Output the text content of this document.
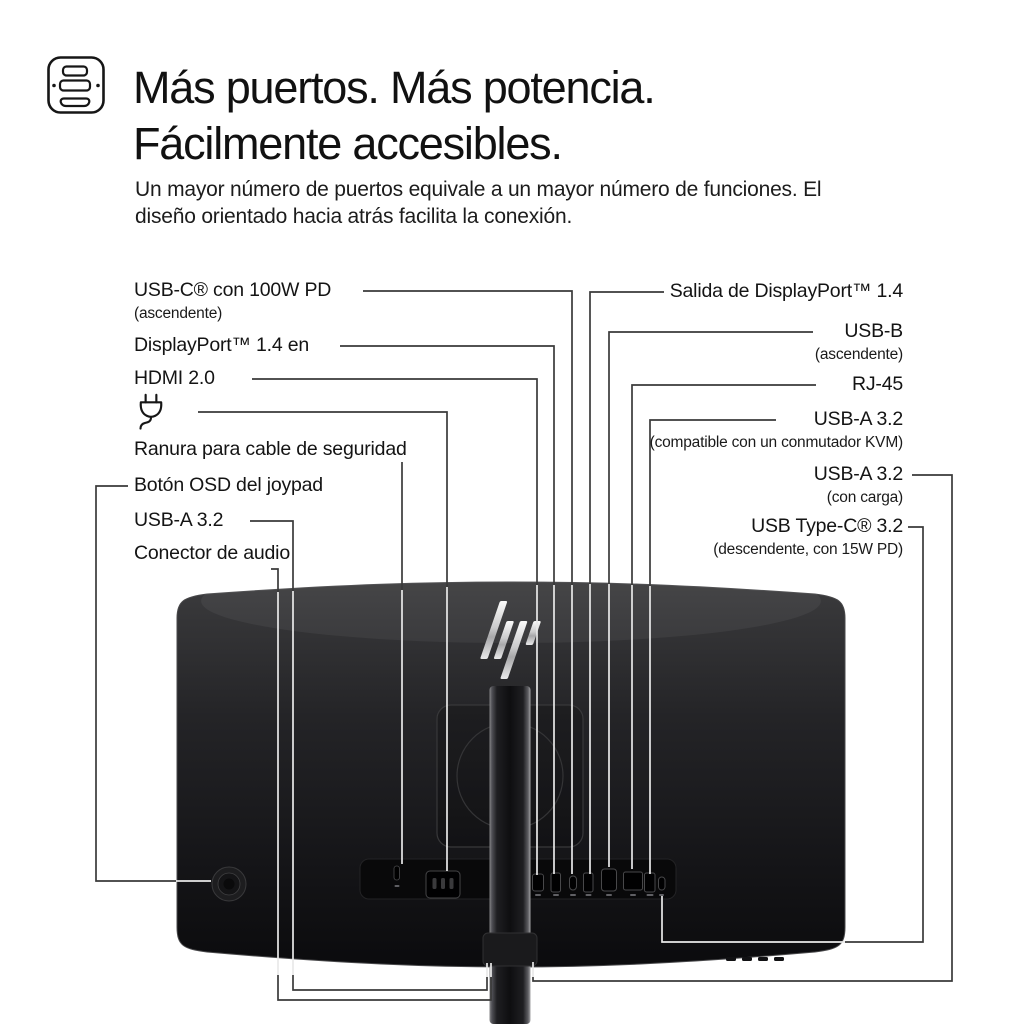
Más puertos. Más potencia.
Fácilmente accesibles.
Un mayor número de puertos equivale a un mayor número de funciones. El
diseño orientado hacia atrás facilita la conexión.
USB-C® con 100W PD
(ascendente)
DisplayPort™ 1.4 en
HDMI 2.0
Ranura para cable de seguridad
Botón OSD del joypad
USB-A 3.2
Conector de audio
Salida de DisplayPort™ 1.4
USB-B
(ascendente)
RJ-45
USB-A 3.2
(compatible con un conmutador KVM)
USB-A 3.2
(con carga)
USB Type-C® 3.2
(descendente, con 15W PD)
